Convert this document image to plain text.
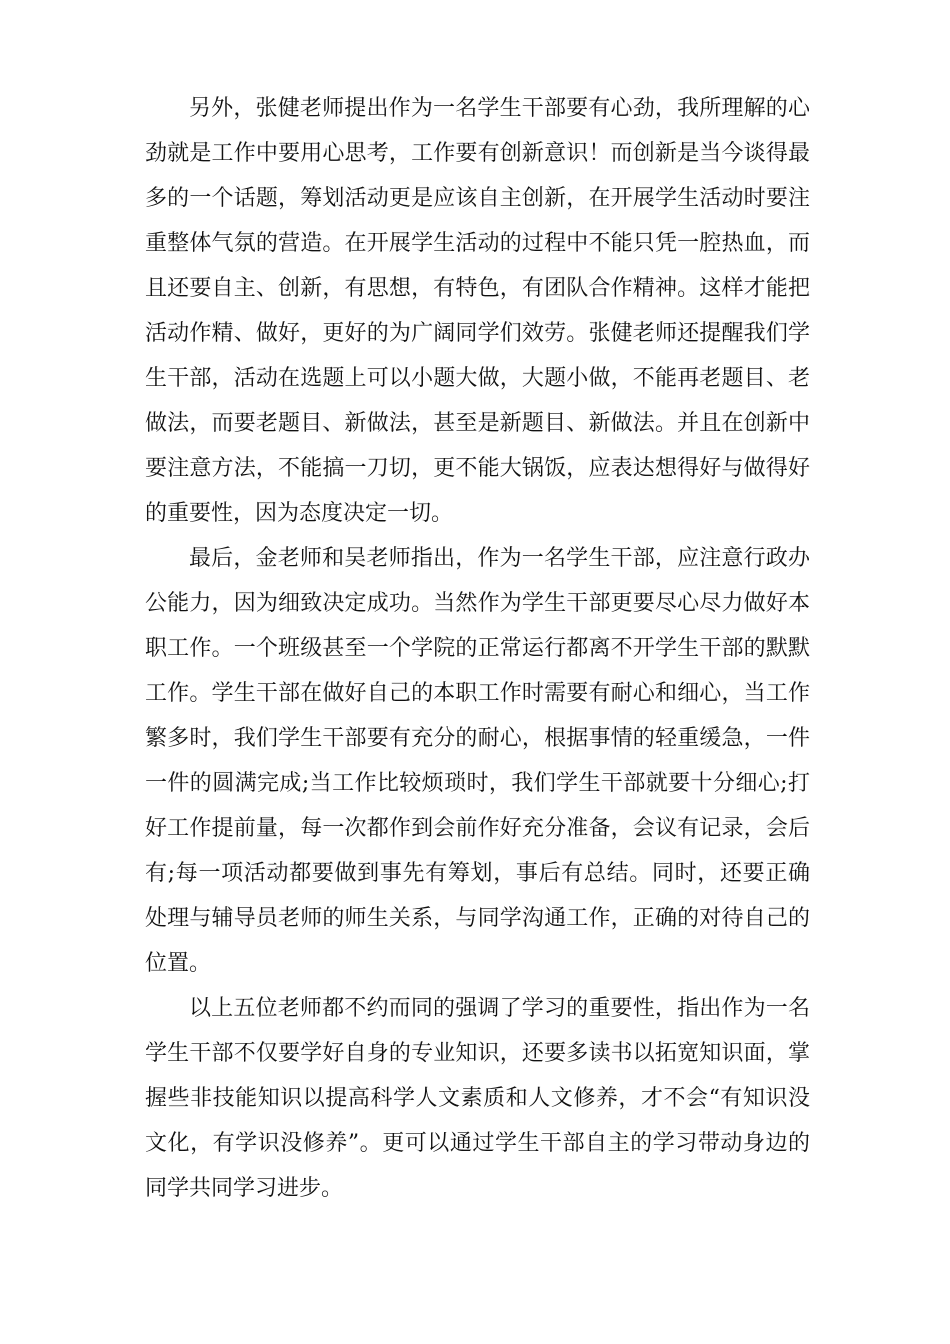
另外，张健老师提出作为一名学生干部要有心劲，我所理解的心劲就是工作中要用心思考，工作要有创新意识！而创新是当今谈得最多的一个话题，筹划活动更是应该自主创新，在开展学生活动时要注重整体气氛的营造。在开展学生活动的过程中不能只凭一腔热血，而且还要自主、创新，有思想，有特色，有团队合作精神。这样才能把活动作精、做好，更好的为广阔同学们效劳。张健老师还提醒我们学生干部，活动在选题上可以小题大做，大题小做，不能再老题目、老做法，而要老题目、新做法，甚至是新题目、新做法。并且在创新中要注意方法，不能搞一刀切，更不能大锅饭，应表达想得好与做得好的重要性，因为态度决定一切。

最后，金老师和吴老师指出，作为一名学生干部，应注意行政办公能力，因为细致决定成功。当然作为学生干部更要尽心尽力做好本职工作。一个班级甚至一个学院的正常运行都离不开学生干部的默默工作。学生干部在做好自己的本职工作时需要有耐心和细心，当工作繁多时，我们学生干部要有充分的耐心，根据事情的轻重缓急，一件一件的圆满完成;当工作比较烦琐时，我们学生干部就要十分细心;打好工作提前量，每一次都作到会前作好充分准备，会议有记录，会后有;每一项活动都要做到事先有筹划，事后有总结。同时，还要正确处理与辅导员老师的师生关系，与同学沟通工作，正确的对待自己的位置。

以上五位老师都不约而同的强调了学习的重要性，指出作为一名学生干部不仅要学好自身的专业知识，还要多读书以拓宽知识面，掌握些非技能知识以提高科学人文素质和人文修养，才不会“有知识没文化，有学识没修养”。更可以通过学生干部自主的学习带动身边的同学共同学习进步。
